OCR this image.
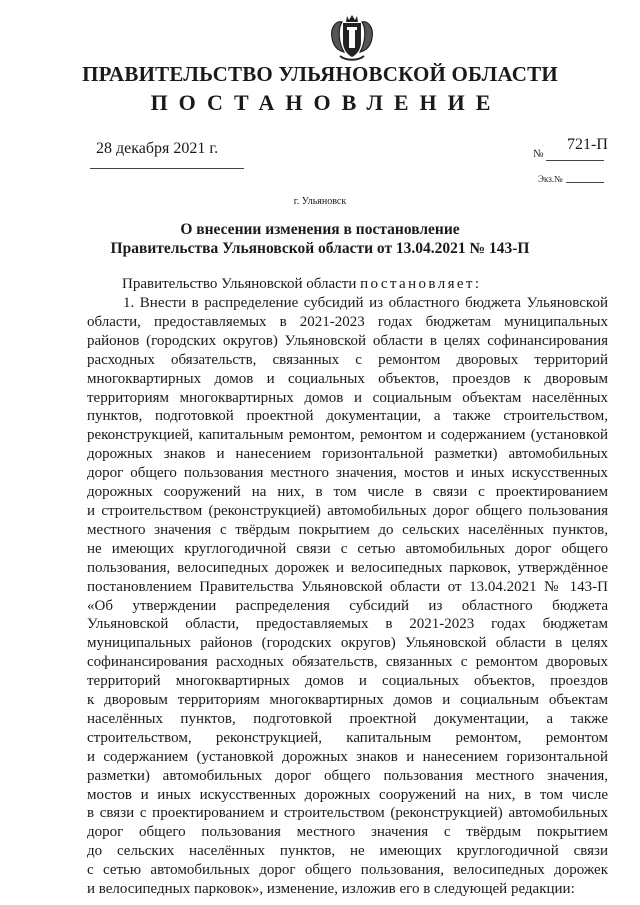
ПРАВИТЕЛЬСТВО УЛЬЯНОВСКОЙ ОБЛАСТИ
ПОСТАНОВЛЕНИЕ
28 декабря 2021 г.	№
721-П
Экз.№
г. Ульяновск
О внесении изменения в постановление
Правительства Ульяновской области от 13.04.2021 № 143-П
Правительство Ульяновской области постановляет:
1. Внести в распределение субсидий из областного бюджета Ульяновской
области, предоставляемых в 2021-2023 годах бюджетам муниципальных
районов (городских округов) Ульяновской области в целях софинансирования
расходных обязательств, связанных с ремонтом дворовых территорий
многоквартирных домов и социальных объектов, проездов к дворовым
территориям многоквартирных домов и социальным объектам населённых
пунктов, подготовкой проектной документации, а также строительством,
реконструкцией, капитальным ремонтом, ремонтом и содержанием (установкой
дорожных знаков и нанесением горизонтальной разметки) автомобильных
дорог общего пользования местного значения, мостов и иных искусственных
дорожных сооружений на них, в том числе в связи с проектированием
и строительством (реконструкцией) автомобильных дорог общего пользования
местного значения с твёрдым покрытием до сельских населённых пунктов,
не имеющих круглогодичной связи с сетью автомобильных дорог общего
пользования, велосипедных дорожек и велосипедных парковок, утверждённое
постановлением Правительства Ульяновской области от 13.04.2021 № 143-П
«Об утверждении распределения субсидий из областного бюджета
Ульяновской области, предоставляемых в 2021-2023 годах бюджетам
муниципальных районов (городских округов) Ульяновской области в целях
софинансирования расходных обязательств, связанных с ремонтом дворовых
территорий многоквартирных домов и социальных объектов, проездов
к дворовым территориям многоквартирных домов и социальным объектам
населённых пунктов, подготовкой проектной документации, а также
строительством, реконструкцией, капитальным ремонтом, ремонтом
и содержанием (установкой дорожных знаков и нанесением горизонтальной
разметки) автомобильных дорог общего пользования местного значения,
мостов и иных искусственных дорожных сооружений на них, в том числе
в связи с проектированием и строительством (реконструкцией) автомобильных
дорог общего пользования местного значения с твёрдым покрытием
до сельских населённых пунктов, не имеющих круглогодичной связи
с сетью автомобильных дорог общего пользования, велосипедных дорожек
и велосипедных парковок», изменение, изложив его в следующей редакции:
